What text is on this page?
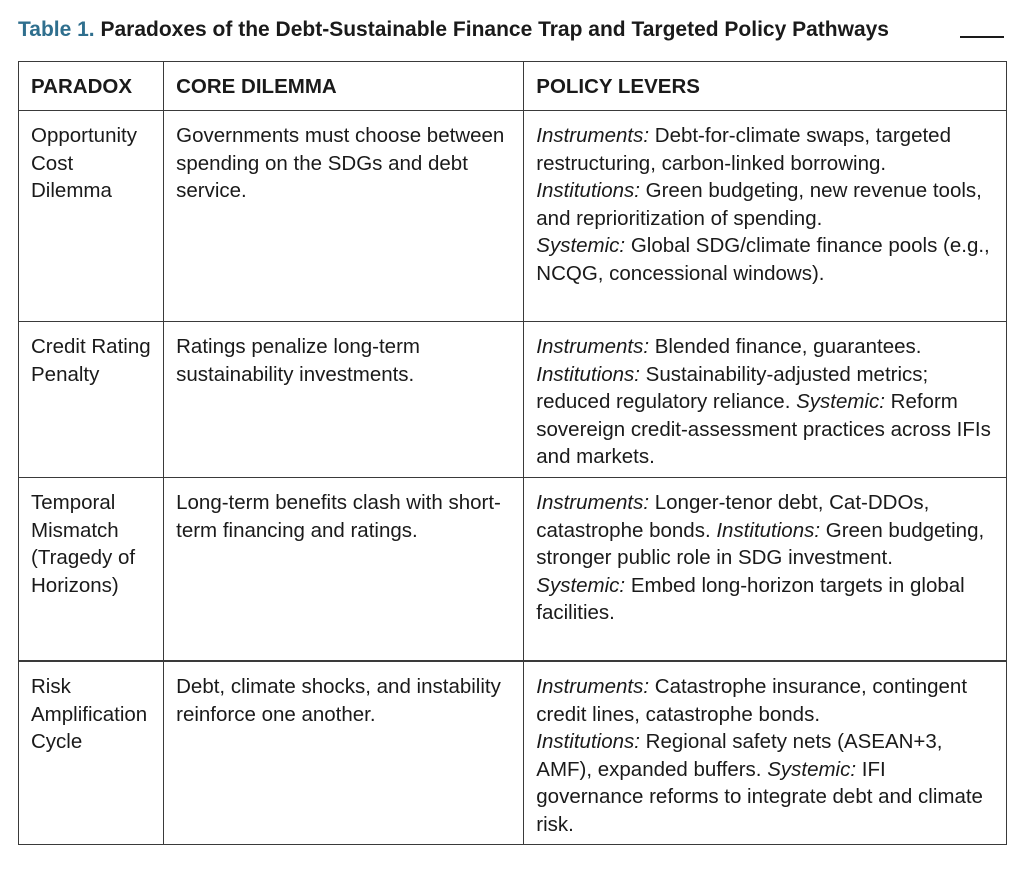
Table 1. Paradoxes of the Debt-Sustainable Finance Trap and Targeted Policy Pathways
PARADOX	CORE DILEMMA	POLICY LEVERS
Opportunity Cost Dilemma	Governments must choose between spending on the SDGs and debt service.	Instruments: Debt-for-climate swaps, targeted restructuring, carbon-linked borrowing.
Institutions: Green budgeting, new revenue tools, and reprioritization of spending.
Systemic: Global SDG/climate finance pools (e.g., NCQG, concessional windows).

Credit Rating Penalty	Ratings penalize long-term sustainability investments.	Instruments: Blended finance, guarantees.
Institutions: Sustainability-adjusted metrics; reduced regulatory reliance. Systemic: Reform sovereign credit-assessment practices across IFIs and markets.

Temporal Mismatch (Tragedy of Horizons)	Long-term benefits clash with short-term financing and ratings.	Instruments: Longer-tenor debt, Cat-DDOs, catastrophe bonds. Institutions: Green budgeting, stronger public role in SDG investment.
Systemic: Embed long-horizon targets in global facilities.

Risk Amplification Cycle	Debt, climate shocks, and instability reinforce one another.	Instruments: Catastrophe insurance, contingent credit lines, catastrophe bonds.
Institutions: Regional safety nets (ASEAN+3, AMF), expanded buffers. Systemic: IFI governance reforms to integrate debt and climate risk.
